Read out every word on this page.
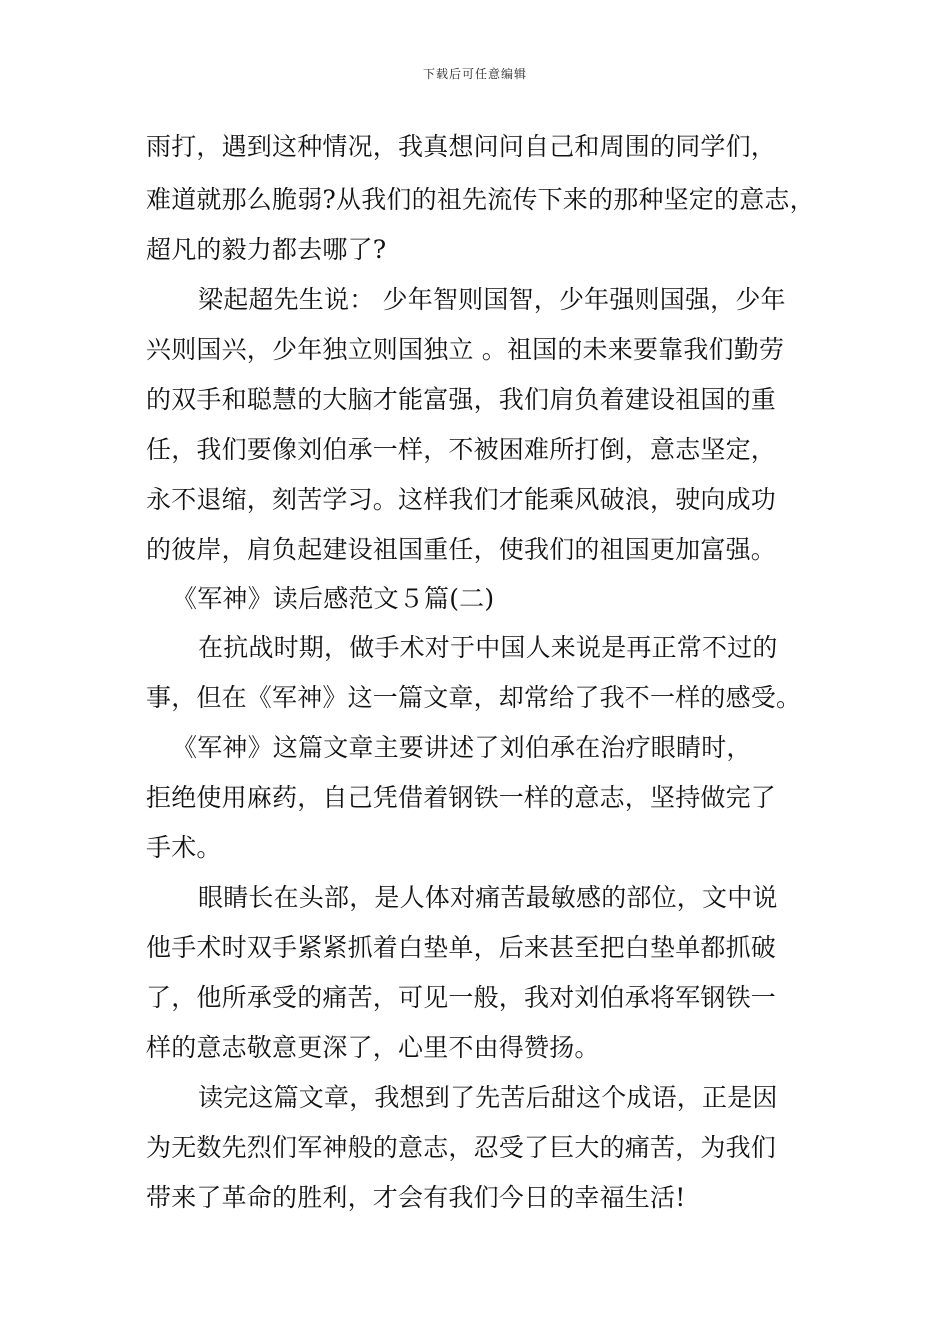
下载后可任意编辑
雨打，遇到这种情况，我真想问问自己和周围的同学们，
难道就那么脆弱?从我们的祖先流传下来的那种坚定的意志，
超凡的毅力都去哪了?
梁起超先生说： 少年智则国智，少年强则国强，少年
兴则国兴，少年独立则国独立 。祖国的未来要靠我们勤劳
的双手和聪慧的大脑才能富强，我们肩负着建设祖国的重
任，我们要像刘伯承一样，不被困难所打倒，意志坚定，
永不退缩，刻苦学习。这样我们才能乘风破浪，驶向成功
的彼岸，肩负起建设祖国重任，使我们的祖国更加富强。
《军神》读后感范文５篇(二)
在抗战时期，做手术对于中国人来说是再正常不过的
事，但在《军神》这一篇文章，却常给了我不一样的感受。
《军神》这篇文章主要讲述了刘伯承在治疗眼睛时，
拒绝使用麻药，自己凭借着钢铁一样的意志，坚持做完了
手术。
眼睛长在头部，是人体对痛苦最敏感的部位，文中说
他手术时双手紧紧抓着白垫单，后来甚至把白垫单都抓破
了，他所承受的痛苦，可见一般，我对刘伯承将军钢铁一
样的意志敬意更深了，心里不由得赞扬。
读完这篇文章，我想到了先苦后甜这个成语，正是因
为无数先烈们军神般的意志，忍受了巨大的痛苦，为我们
带来了革命的胜利，才会有我们今日的幸福生活!
